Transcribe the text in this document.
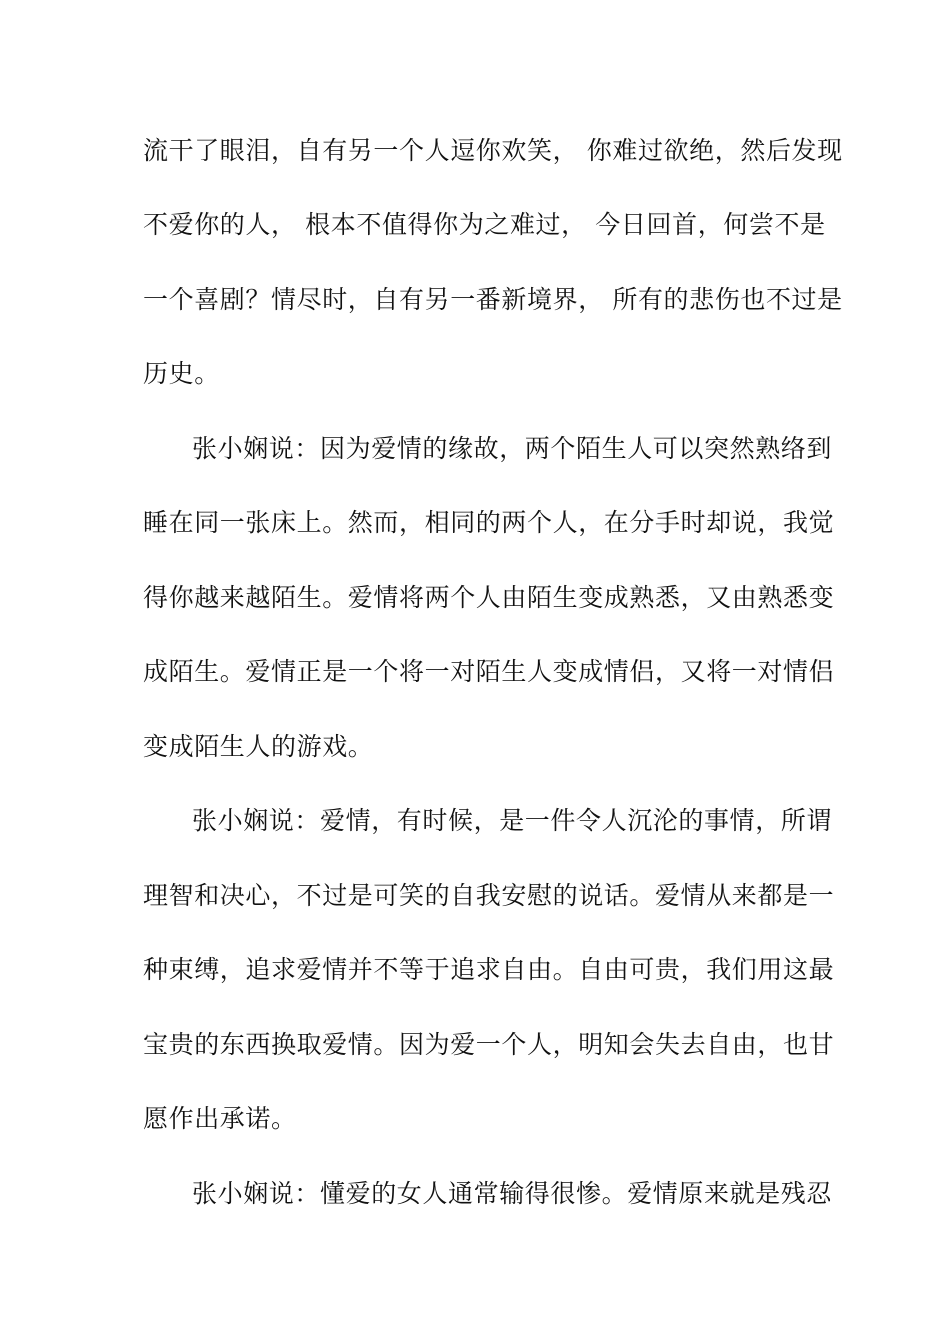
流干了眼泪，自有另一个人逗你欢笑， 你难过欲绝，然后发现
不爱你的人， 根本不值得你为之难过， 今日回首，何尝不是
一个喜剧？情尽时，自有另一番新境界， 所有的悲伤也不过是
历史。
张小娴说：因为爱情的缘故，两个陌生人可以突然熟络到
睡在同一张床上。然而，相同的两个人，在分手时却说，我觉
得你越来越陌生。爱情将两个人由陌生变成熟悉，又由熟悉变
成陌生。爱情正是一个将一对陌生人变成情侣，又将一对情侣
变成陌生人的游戏。
张小娴说：爱情，有时候，是一件令人沉沦的事情，所谓
理智和决心，不过是可笑的自我安慰的说话。爱情从来都是一
种束缚，追求爱情并不等于追求自由。自由可贵，我们用这最
宝贵的东西换取爱情。因为爱一个人，明知会失去自由，也甘
愿作出承诺。
张小娴说：懂爱的女人通常输得很惨。爱情原来就是残忍
